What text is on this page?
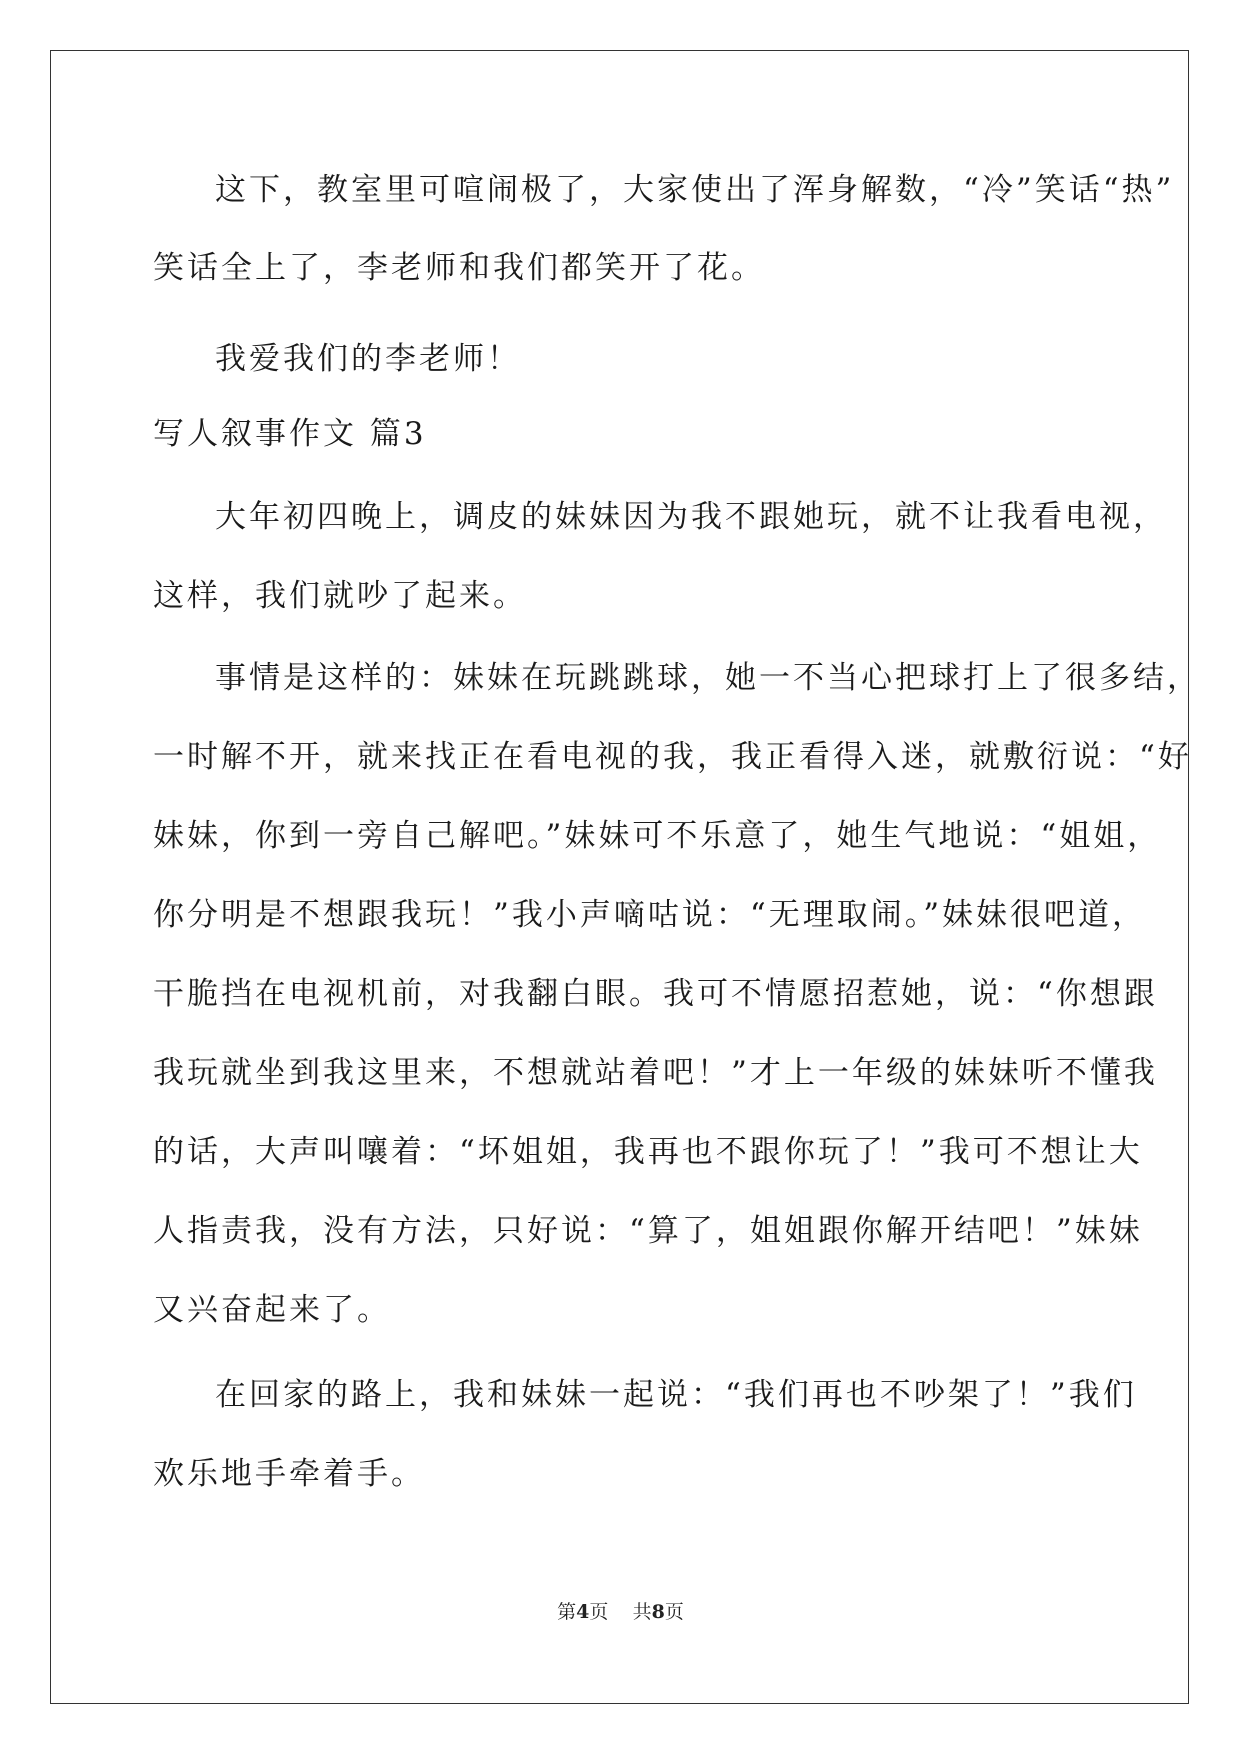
这下，教室里可喧闹极了，大家使出了浑身解数，“冷”笑话“热”
笑话全上了，李老师和我们都笑开了花。
我爱我们的李老师！
写人叙事作文 篇3
大年初四晚上，调皮的妹妹因为我不跟她玩，就不让我看电视，
这样，我们就吵了起来。
事情是这样的：妹妹在玩跳跳球，她一不当心把球打上了很多结，
一时解不开，就来找正在看电视的我，我正看得入迷，就敷衍说：“好
妹妹，你到一旁自己解吧。”妹妹可不乐意了，她生气地说：“姐姐，
你分明是不想跟我玩！”我小声嘀咕说：“无理取闹。”妹妹很吧道，
干脆挡在电视机前，对我翻白眼。我可不情愿招惹她，说：“你想跟
我玩就坐到我这里来，不想就站着吧！”才上一年级的妹妹听不懂我
的话，大声叫嚷着：“坏姐姐，我再也不跟你玩了！”我可不想让大
人指责我，没有方法，只好说：“算了，姐姐跟你解开结吧！”妹妹
又兴奋起来了。
在回家的路上，我和妹妹一起说：“我们再也不吵架了！”我们
欢乐地手牵着手。
第4页 共8页
